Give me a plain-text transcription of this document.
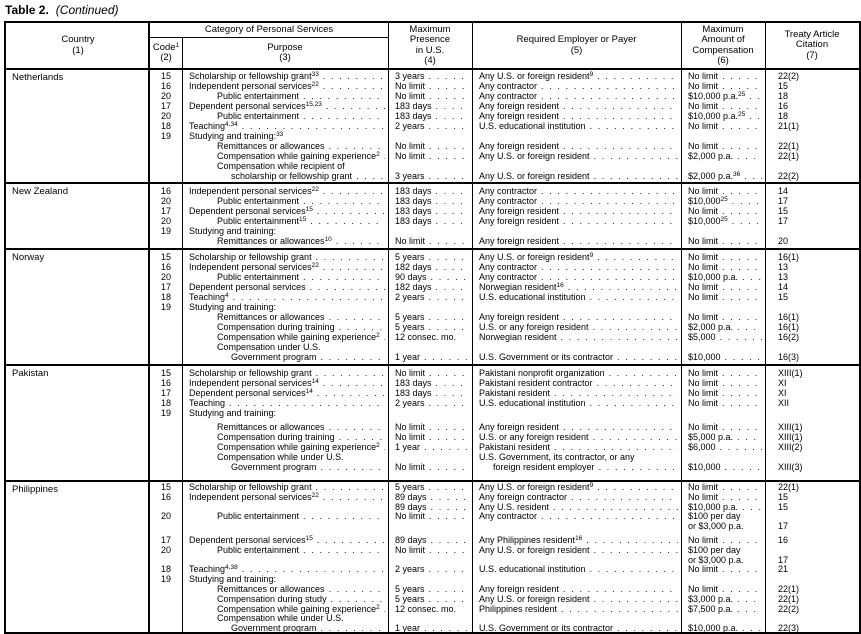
Table 2. (Continued)
Country
(1)
Category of Personal Services
Code$^1$
(2)
Purpose
(3)
Maximum
Presence
in U.S.
(4)
Required Employer or Payer
(5)
Maximum
Amount of
Compensation
(6)
Treaty Article
Citation
(7)
Netherlands	15 Scholarship or fellowship grant$^{33}$ . . .	3 years . . .	Any U.S. or foreign resident$^9$ . . .	No limit . . .	22(2)
16 Independent personal services$^{22}$ . . .	No limit . . .	Any contractor . . .	No limit . . .	15
20	Public entertainment . . .	No limit . . .	Any contractor . . .	$10,000 p.a.$^{25}$ . . .	18
17 Dependent personal services$^{15,23}$ . . .	183 days . . .	Any foreign resident . . .	No limit . . .	16
20	Public entertainment . . .	183 days . . .	Any foreign resident . . .	$10,000 p.a.$^{25}$ . . .	18
18 Teaching$^{4,34}$ . . .	2 years . . .	U.S. educational institution . . .	No limit . . .	21(1)
19 Studying and training:$^{33}$
Remittances or allowances . . .	No limit . . .	Any foreign resident . . .	No limit . . .	22(1)
Compensation while gaining experience$^2$ . . . No limit . . .	Any U.S. or foreign resident . . .	$2,000 p.a. . . .	22(1)
Compensation while recipient of
scholarship or fellowship grant . . .	3 years . . .	Any U.S. or foreign resident . . .	$2,000 p.a.$^{36}$ . . .	22(2)
New Zealand	16 Independent personal services$^{22}$ . . .	183 days . . .	Any contractor . . .	No limit . . .	14
20	Public entertainment . . .	183 days . . .	Any contractor . . .	$10,000$^{25}$ . . .	17
17 Dependent personal services$^{15}$ . . .	183 days . . .	Any foreign resident . . .	No limit . . .	15
20	Public entertainment$^{15}$ . . .	183 days . . .	Any foreign resident . . .	$10,000$^{25}$ . . .	17
19 Studying and training:
Remittances or allowances$^{10}$ . . .	No limit . . .	Any foreign resident . . .	No limit . . .	20
Norway	15 Scholarship or fellowship grant . . .	5 years . . .	Any U.S. or foreign resident$^9$ . . .	No limit . . .	16(1)
16 Independent personal services$^{22}$ . . .	182 days . . .	Any contractor . . .	No limit . . .	13
20	Public entertainment . . .	90 days . . .	Any contractor . . .	$10,000 p.a. . . .	13
17 Dependent personal services . . .	182 days . . .	Norwegian resident$^{16}$ . . .	No limit . . .	14
18 Teaching$^4$ . . .	2 years . . .	U.S. educational institution . . .	No limit . . .	15
19 Studying and training:
Remittances or allowances . . .	5 years . . .	Any foreign resident . . .	No limit . . .	16(1)
Compensation during training . . .	5 years . . .	U.S. or any foreign resident . . .	$2,000 p.a. . . .	16(1)
Compensation while gaining experience$^2$ . . . 12 consec. mo.	Norwegian resident . . .	$5,000 . . .	16(2)
Compensation under U.S.
Government program . . .	1 year . . .	U.S. Government or its contractor . . .	$10,000 . . .	16(3)
Pakistan	15 Scholarship or fellowship grant . . .	No limit . . .	Pakistani nonprofit organization . . .	No limit . . .	XIII(1)
16 Independent personal services$^{14}$ . . .	183 days . . .	Pakistani resident contractor . . .	No limit . . .	XI
17 Dependent personal services$^{14}$ . . .	183 days . . .	Pakistani resident . . .	No limit . . .	XI
18 Teaching . . .	2 years . . .	U.S. educational institution . . .	No limit . . .	XII
19 Studying and training:
Remittances or allowances . . .	No limit . . .	Any foreign resident . . .	No limit . . .	XIII(1)
Compensation during training . . .	No limit . . .	U.S. or any foreign resident . . .	$5,000 p.a. . . .	XIII(1)
Compensation while gaining experience$^2$ . . . 1 year . . .	Pakistani resident . . .	$6,000 . . .	XIII(2)
Compensation while under U.S.	U.S. Government, its contractor, or any
Government program . . .	No limit . . .	foreign resident employer . . .	$10,000 . . .	XIII(3)
Philippines	15 Scholarship or fellowship grant . . .	5 years . . .	Any U.S. or foreign resident$^9$ . . .	No limit . . .	22(1)
16 Independent personal services$^{22}$ . . .	89 days . . .	Any foreign contractor . . .	No limit . . .	15
89 days . . .	Any U.S. resident . . .	$10,000 p.a. . . .	15
20	Public entertainment . . .	No limit . . .	Any contractor . . .	$100 per day
or $3,000 p.a.	17
17 Dependent personal services$^{15}$ . . .	89 days . . .	Any Philippines resident$^{16}$ . . .	No limit . . .	16
20	Public entertainment . . .	No limit . . .	Any U.S. or foreign resident . . .	$100 per day
or $3,000 p.a.	17
18 Teaching$^{4,38}$ . . .	2 years . . .	U.S. educational institution . . .	No limit . . .	21
19 Studying and training:
Remittances or allowances . . .	5 years . . .	Any foreign resident . . .	No limit . . .	22(1)
Compensation during study . . .	5 years . . .	Any U.S. or foreign resident . . .	$3,000 p.a. . . .	22(1)
Compensation while gaining experience$^2$ . . . 12 consec. mo.	Philippines resident . . .	$7,500 p.a. . . .	22(2)
Compensation while under U.S.
Government program . . .	1 year . . .	U.S. Government or its contractor . . .	$10,000 p.a. . . .	22(3)
